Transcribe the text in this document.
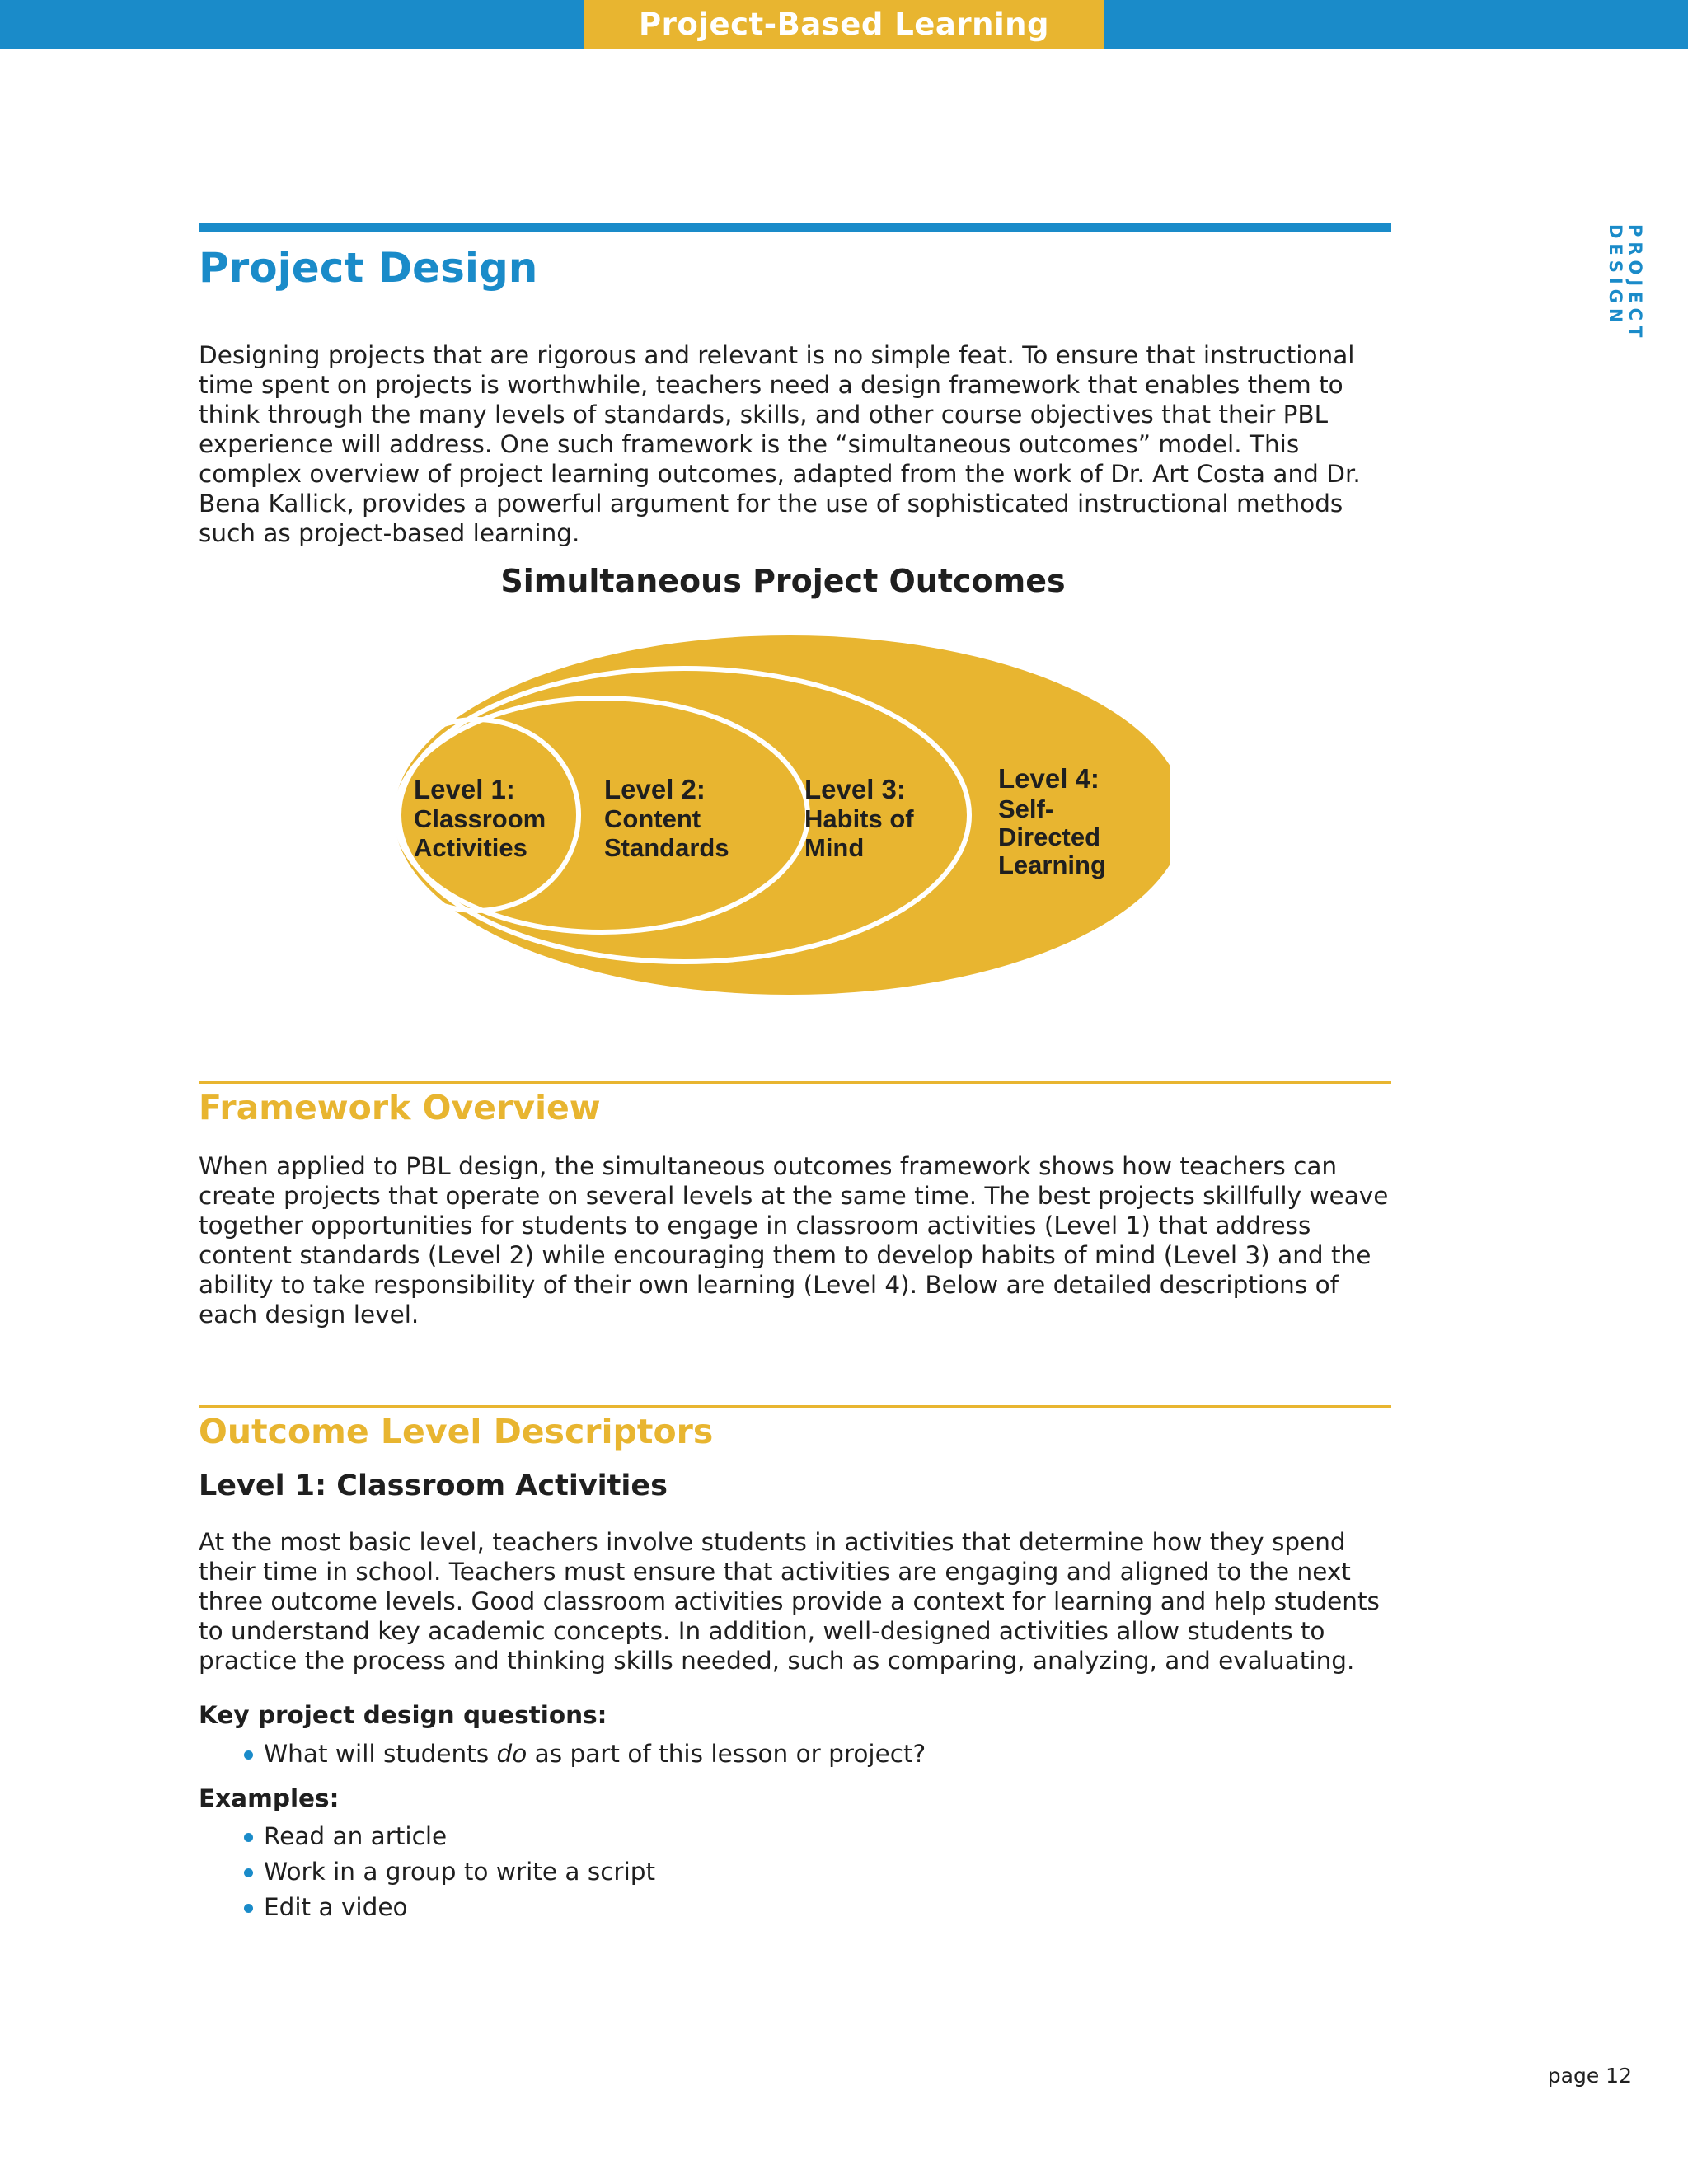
Project-Based Learning Guide
PROJECT DESIGN
Project Design

Designing projects that are rigorous and relevant is no simple feat. To ensure that instructional time spent on projects is worthwhile, teachers need a design framework that enables them to think through the many levels of standards, skills, and other course objectives that their PBL experience will address. One such framework is the “simultaneous outcomes” model. This complex overview of project learning outcomes, adapted from the work of Dr. Art Costa and Dr. Bena Kallick, provides a powerful argument for the use of sophisticated instructional methods such as project-based learning.

Simultaneous Project Outcomes
Level 1:
Classroom
Activities
Level 2:
Content
Standards
Level 3:
Habits of
Mind
Level 4:
Self-
Directed
Learning
Framework Overview

When applied to PBL design, the simultaneous outcomes framework shows how teachers can create projects that operate on several levels at the same time. The best projects skillfully weave together opportunities for students to engage in classroom activities (Level 1) that address content standards (Level 2) while encouraging them to develop habits of mind (Level 3) and the ability to take responsibility of their own learning (Level 4). Below are detailed descriptions of each design level.

Outcome Level Descriptors
Level 1: Classroom Activities

At the most basic level, teachers involve students in activities that determine how they spend their time in school. Teachers must ensure that activities are engaging and aligned to the next three outcome levels. Good classroom activities provide a context for learning and help students to understand key academic concepts. In addition, well-designed activities allow students to practice the process and thinking skills needed, such as comparing, analyzing, and evaluating.

Key project design questions:

What will students do as part of this lesson or project?

Examples:

Read an article
Work in a group to write a script
Edit a video
page 12
